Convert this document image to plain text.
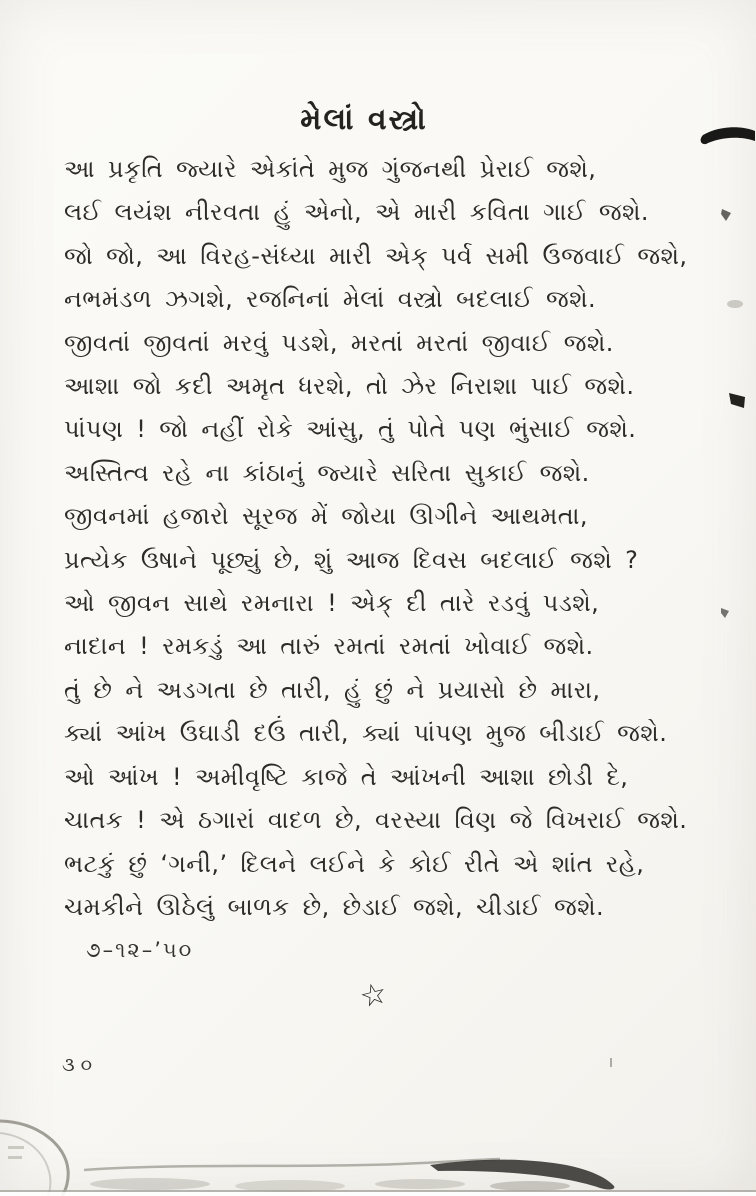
મેલાં વસ્ત્રો

આ પ્રકૃતિ જ્યારે એકાંતે મુજ ગુંજનથી પ્રેરાઈ જશે,

લઈ લયંશ નીરવતા હું એનો, એ મારી કવિતા ગાઈ જશે.

જો જો, આ વિરહ-સંધ્યા મારી એક્ પર્વ સમી ઉજવાઈ જશે,

નભમંડળ ઝગશે, રજનિનાં મેલાં વસ્ત્રો બદલાઈ જશે.

જીવતાં જીવતાં મરવું પડશે, મરતાં મરતાં જીવાઈ જશે.

આશા જો કદી અમૃત ધરશે, તો ઝેર નિરાશા પાઈ જશે.

પાંપણ ! જો નહીં રોકે આંસુ, તું પોતે પણ ભુંસાઈ જશે.

અસ્તિત્વ રહે ના કાંઠાનું જ્યારે સરિતા સુકાઈ જશે.

જીવનમાં હજારો સૂરજ મેં જોયા ઊગીને આથમતા,

પ્રત્યેક ઉષાને પૂછ્યું છે, શું આજ દિવસ બદલાઈ જશે ?

ઓ જીવન સાથે રમનારા ! એક્ દી તારે રડવું પડશે,

નાદાન ! રમકડું આ તારું રમતાં રમતાં ખોવાઈ જશે.

તું છે ને અડગતા છે તારી, હું છું ને પ્રયાસો છે મારા,

ક્યાં આંખ ઉઘાડી દઉં તારી, ક્યાં પાંપણ મુજ બીડાઈ જશે.

ઓ આંખ ! અમીવૃષ્ટિ કાજે તે આંખની આશા છોડી દે,

ચાતક ! એ ઠગારાં વાદળ છે, વરસ્યા વિણ જે વિખરાઈ જશે.

ભટકું છું ‘ગની,’ દિલને લઈને કે કોઈ રીતે એ શાંત રહે,

ચમકીને ઊઠેલું બાળક છે, છેડાઈ જશે, ચીડાઈ જશે.

૭–૧૨–’૫૦
☆
૩૦
